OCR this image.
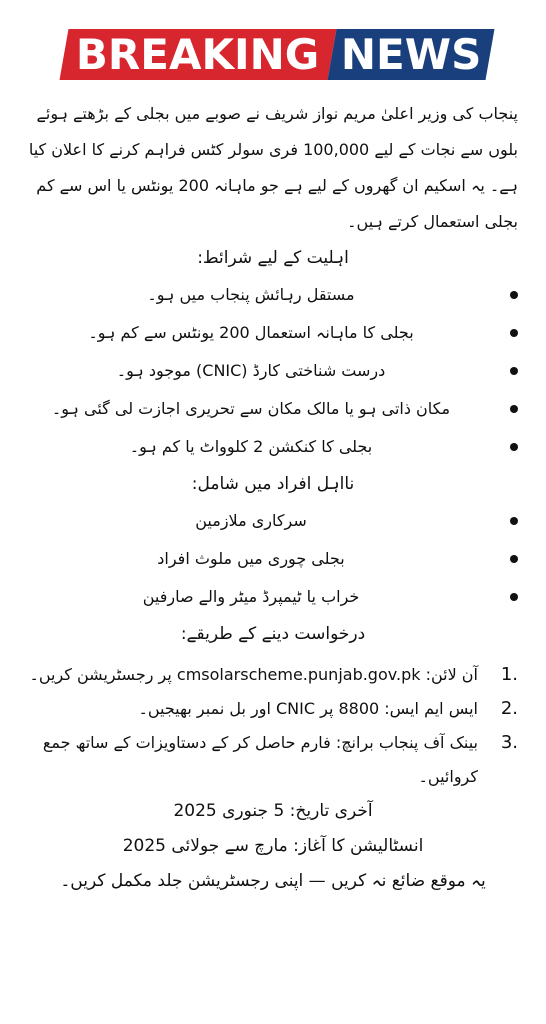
BREAKING NEWS

پنجاب کی وزیر اعلیٰ مریم نواز شریف نے صوبے میں بجلی کے بڑھتے ہوئے بلوں سے نجات کے لیے 100,000 فری سولر کٹس فراہم کرنے کا اعلان کیا ہے۔ یہ اسکیم ان گھروں کے لیے ہے جو ماہانہ 200 یونٹس یا اس سے کم بجلی استعمال کرتے ہیں۔

اہلیت کے لیے شرائط:

مستقل رہائش پنجاب میں ہو۔
بجلی کا ماہانہ استعمال 200 یونٹس سے کم ہو۔
درست شناختی کارڈ (CNIC) موجود ہو۔
مکان ذاتی ہو یا مالک مکان سے تحریری اجازت لی گئی ہو۔
بجلی کا کنکشن 2 کلوواٹ یا کم ہو۔

نااہل افراد میں شامل:

سرکاری ملازمین
بجلی چوری میں ملوث افراد
خراب یا ٹیمپرڈ میٹر والے صارفین

درخواست دینے کے طریقے:

1.
آن لائن: cmsolarscheme.punjab.gov.pk پر رجسٹریشن کریں۔
2.
ایس ایم ایس: 8800 پر CNIC اور بل نمبر بھیجیں۔
3.
بینک آف پنجاب برانچ: فارم حاصل کر کے دستاویزات کے ساتھ جمع کروائیں۔

آخری تاریخ: 5 جنوری 2025

انسٹالیشن کا آغاز: مارچ سے جولائی 2025

یہ موقع ضائع نہ کریں — اپنی رجسٹریشن جلد مکمل کریں۔
